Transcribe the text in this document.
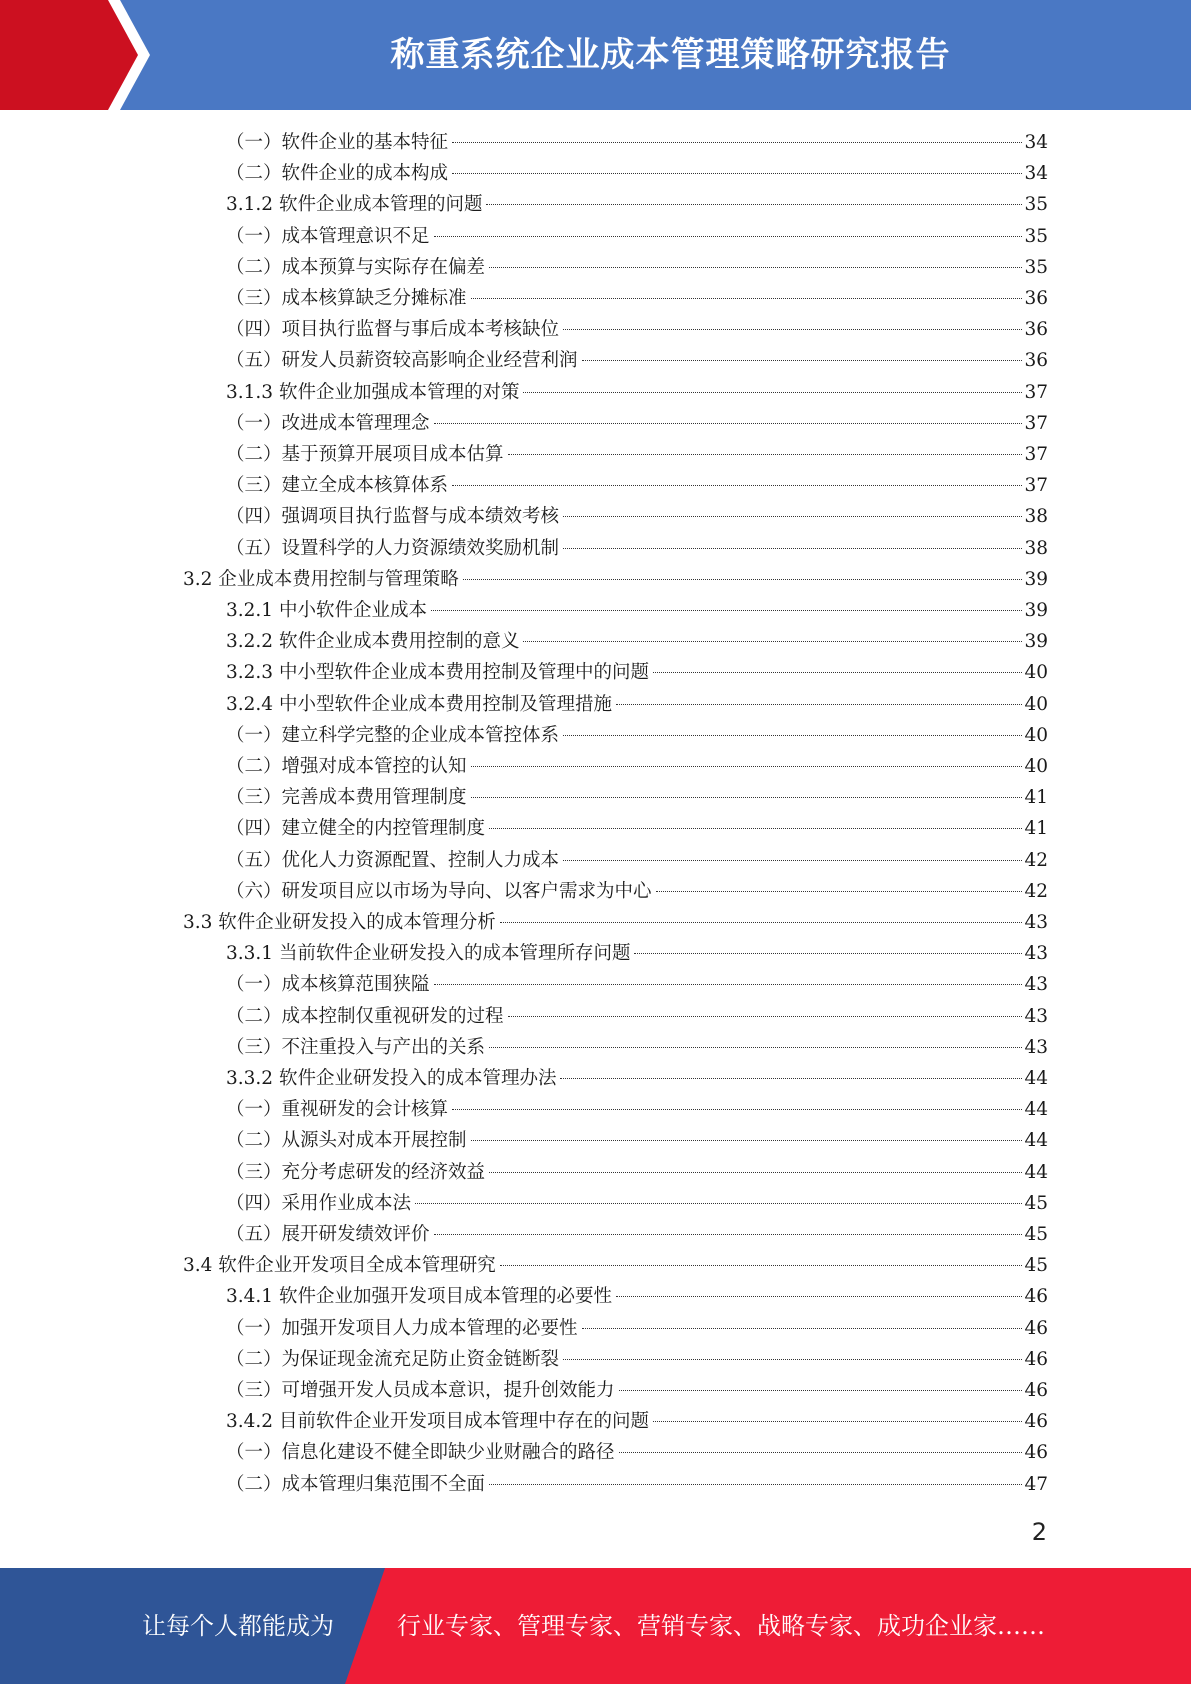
称重系统企业成本管理策略研究报告
（一）软件企业的基本特征	34
（二）软件企业的成本构成	34
3.1.2 软件企业成本管理的问题	35
（一）成本管理意识不足	35
（二）成本预算与实际存在偏差	35
（三）成本核算缺乏分摊标准	36
（四）项目执行监督与事后成本考核缺位	36
（五）研发人员薪资较高影响企业经营利润	36
3.1.3 软件企业加强成本管理的对策	37
（一）改进成本管理理念	37
（二）基于预算开展项目成本估算	37
（三）建立全成本核算体系	37
（四）强调项目执行监督与成本绩效考核	38
（五）设置科学的人力资源绩效奖励机制	38
3.2 企业成本费用控制与管理策略	39
3.2.1 中小软件企业成本	39
3.2.2 软件企业成本费用控制的意义	39
3.2.3 中小型软件企业成本费用控制及管理中的问题	40
3.2.4 中小型软件企业成本费用控制及管理措施	40
（一）建立科学完整的企业成本管控体系	40
（二）增强对成本管控的认知	40
（三）完善成本费用管理制度	41
（四）建立健全的内控管理制度	41
（五）优化人力资源配置、控制人力成本	42
（六）研发项目应以市场为导向、以客户需求为中心	42
3.3 软件企业研发投入的成本管理分析	43
3.3.1 当前软件企业研发投入的成本管理所存问题	43
（一）成本核算范围狭隘	43
（二）成本控制仅重视研发的过程	43
（三）不注重投入与产出的关系	43
3.3.2 软件企业研发投入的成本管理办法	44
（一）重视研发的会计核算	44
（二）从源头对成本开展控制	44
（三）充分考虑研发的经济效益	44
（四）采用作业成本法	45
（五）展开研发绩效评价	45
3.4 软件企业开发项目全成本管理研究	45
3.4.1 软件企业加强开发项目成本管理的必要性	46
（一）加强开发项目人力成本管理的必要性	46
（二）为保证现金流充足防止资金链断裂	46
（三）可增强开发人员成本意识，提升创效能力	46
3.4.2 目前软件企业开发项目成本管理中存在的问题	46
（一）信息化建设不健全即缺少业财融合的路径	46
（二）成本管理归集范围不全面	47
2
让每个人都能成为	行业专家、管理专家、营销专家、战略专家、成功企业家……
